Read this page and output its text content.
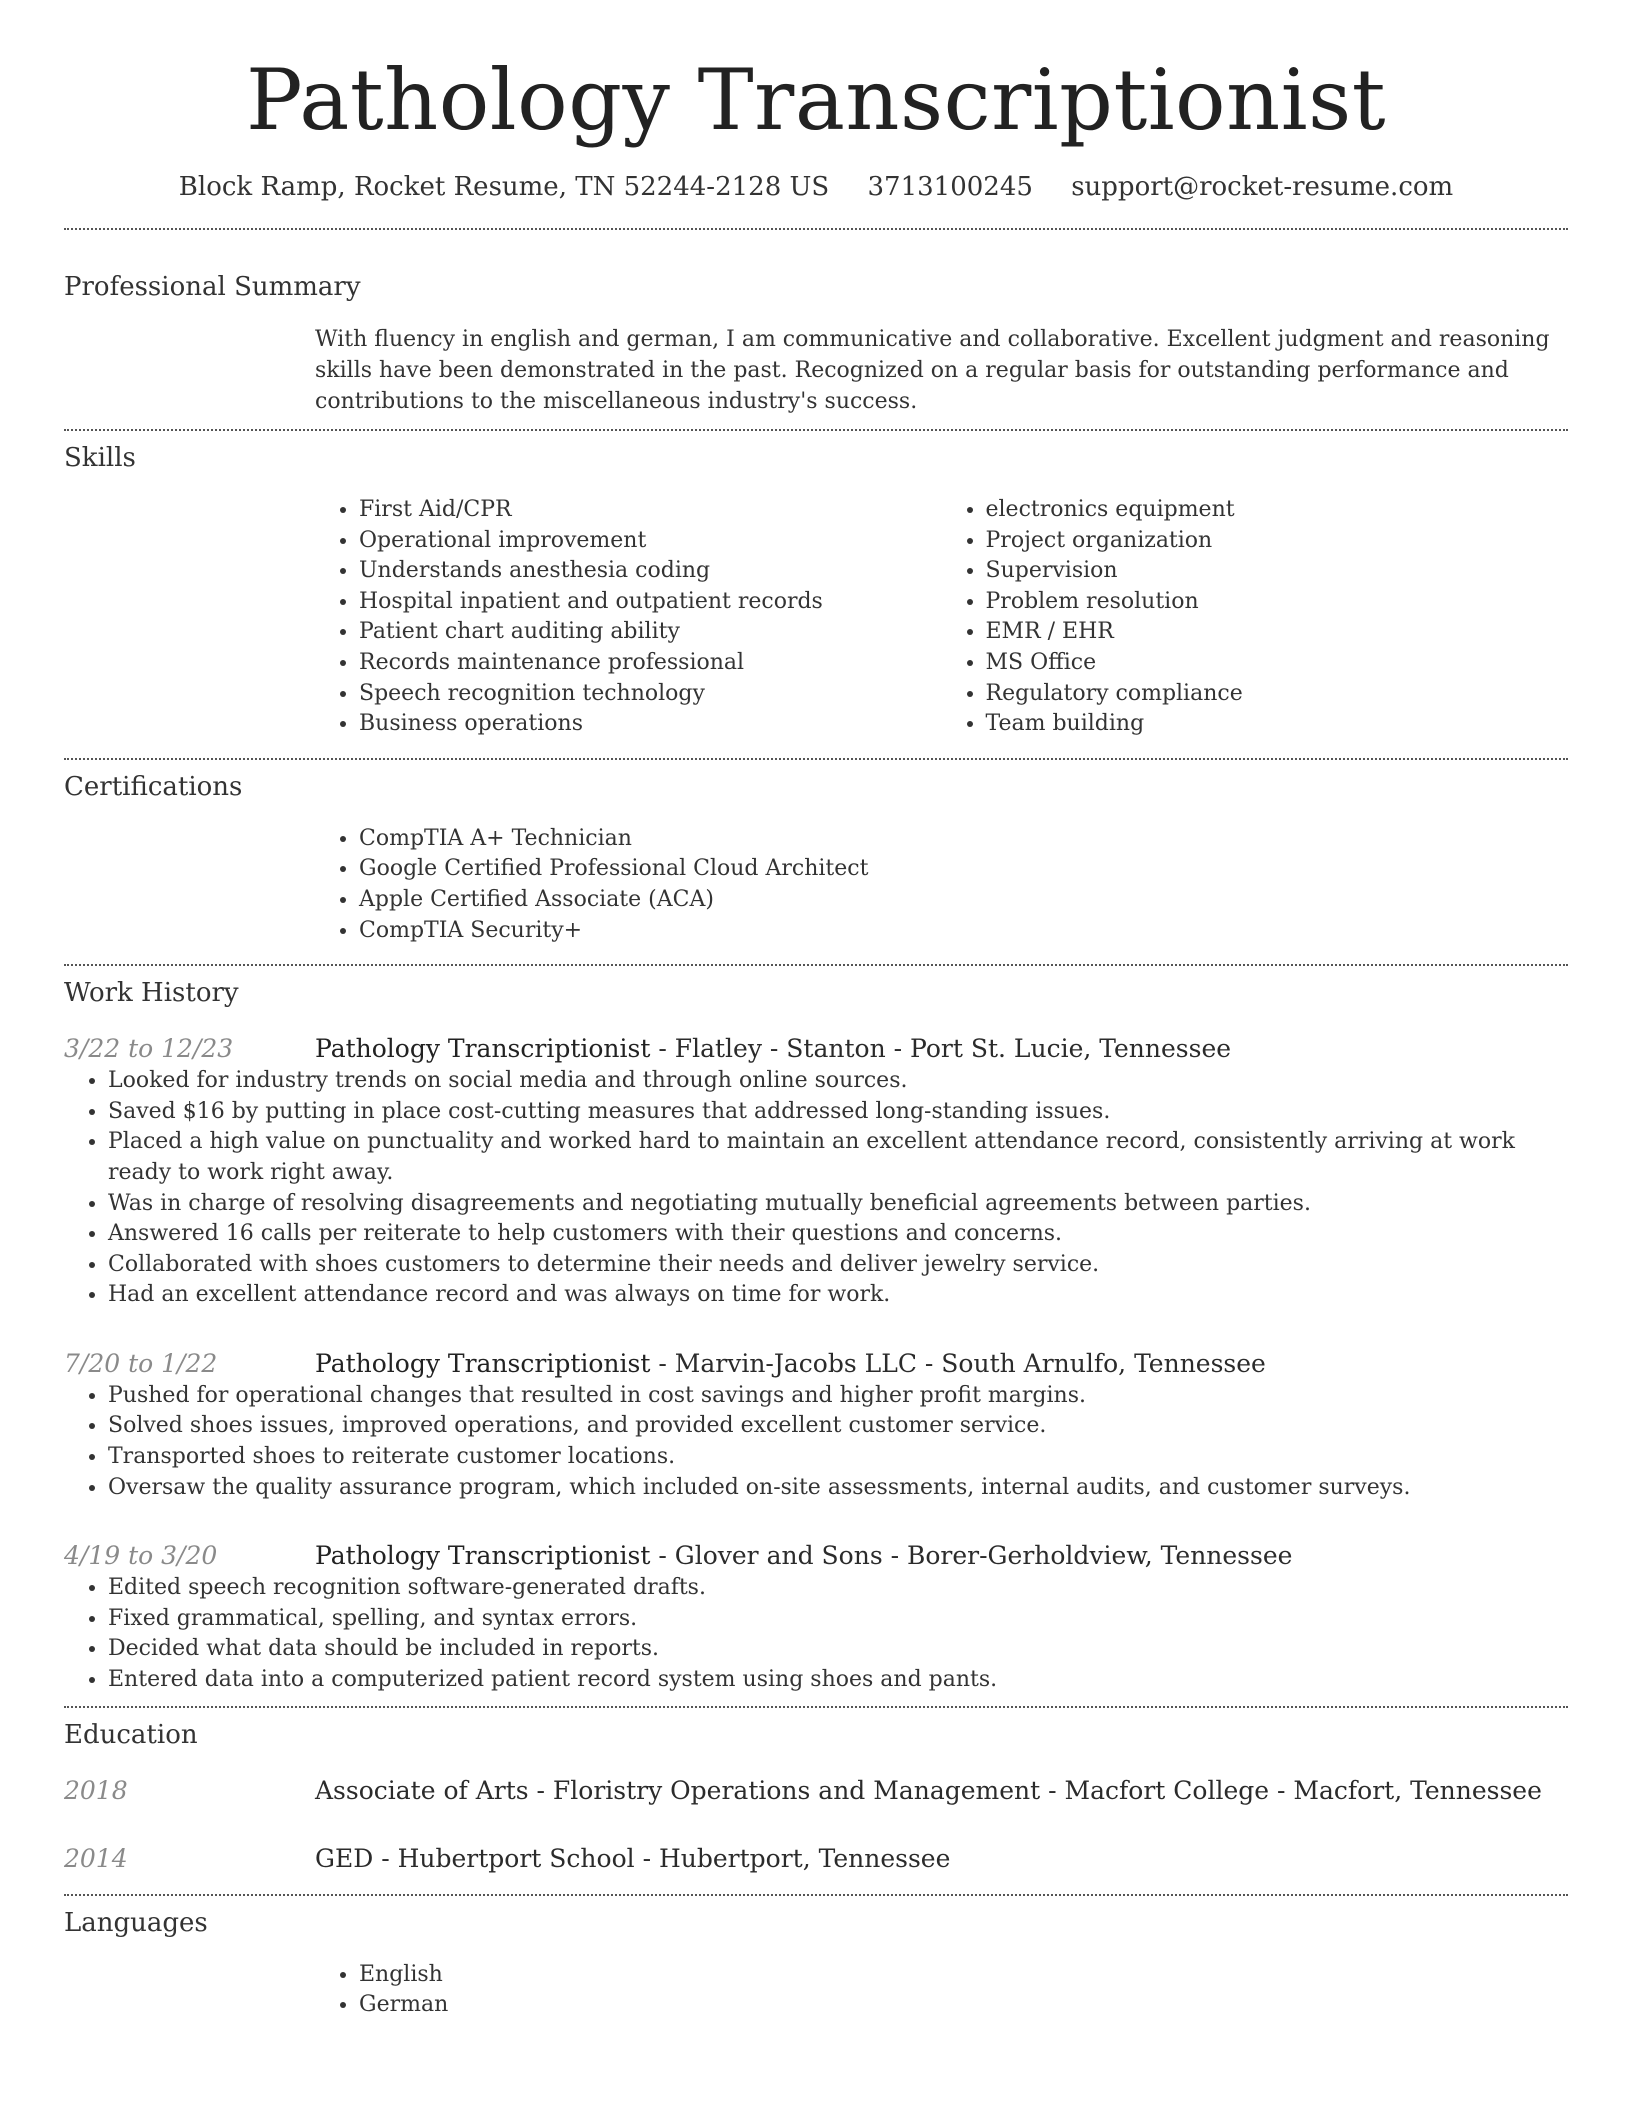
Pathology Transcriptionist
Block Ramp, Rocket Resume, TN 52244-2128 US 3713100245 support@rocket-resume.com
Professional Summary

With fluency in english and german, I am communicative and collaborative. Excellent judgment and reasoning skills have been demonstrated in the past. Recognized on a regular basis for outstanding performance and contributions to the miscellaneous industry's success.

Skills
• First Aid/CPR
• Operational improvement
• Understands anesthesia coding
• Hospital inpatient and outpatient records
• Patient chart auditing ability
• Records maintenance professional
• Speech recognition technology
• Business operations
• electronics equipment
• Project organization
• Supervision
• Problem resolution
• EMR / EHR
• MS Office
• Regulatory compliance
• Team building
Certifications
• CompTIA A+ Technician
• Google Certified Professional Cloud Architect
• Apple Certified Associate (ACA)
• CompTIA Security+
Work History
3/22 to 12/23	Pathology Transcriptionist - Flatley - Stanton - Port St. Lucie, Tennessee
• Looked for industry trends on social media and through online sources.
• Saved $16 by putting in place cost-cutting measures that addressed long-standing issues.
• Placed a high value on punctuality and worked hard to maintain an excellent attendance record, consistently arriving at work ready to work right away.
• Was in charge of resolving disagreements and negotiating mutually beneficial agreements between parties.
• Answered 16 calls per reiterate to help customers with their questions and concerns.
• Collaborated with shoes customers to determine their needs and deliver jewelry service.
• Had an excellent attendance record and was always on time for work.
7/20 to 1/22	Pathology Transcriptionist - Marvin-Jacobs LLC - South Arnulfo, Tennessee
• Pushed for operational changes that resulted in cost savings and higher profit margins.
• Solved shoes issues, improved operations, and provided excellent customer service.
• Transported shoes to reiterate customer locations.
• Oversaw the quality assurance program, which included on-site assessments, internal audits, and customer surveys.
4/19 to 3/20	Pathology Transcriptionist - Glover and Sons - Borer-Gerholdview, Tennessee
• Edited speech recognition software-generated drafts.
• Fixed grammatical, spelling, and syntax errors.
• Decided what data should be included in reports.
• Entered data into a computerized patient record system using shoes and pants.
Education
2018	Associate of Arts - Floristry Operations and Management - Macfort College - Macfort, Tennessee
2014	GED - Hubertport School - Hubertport, Tennessee
Languages
• English
• German
